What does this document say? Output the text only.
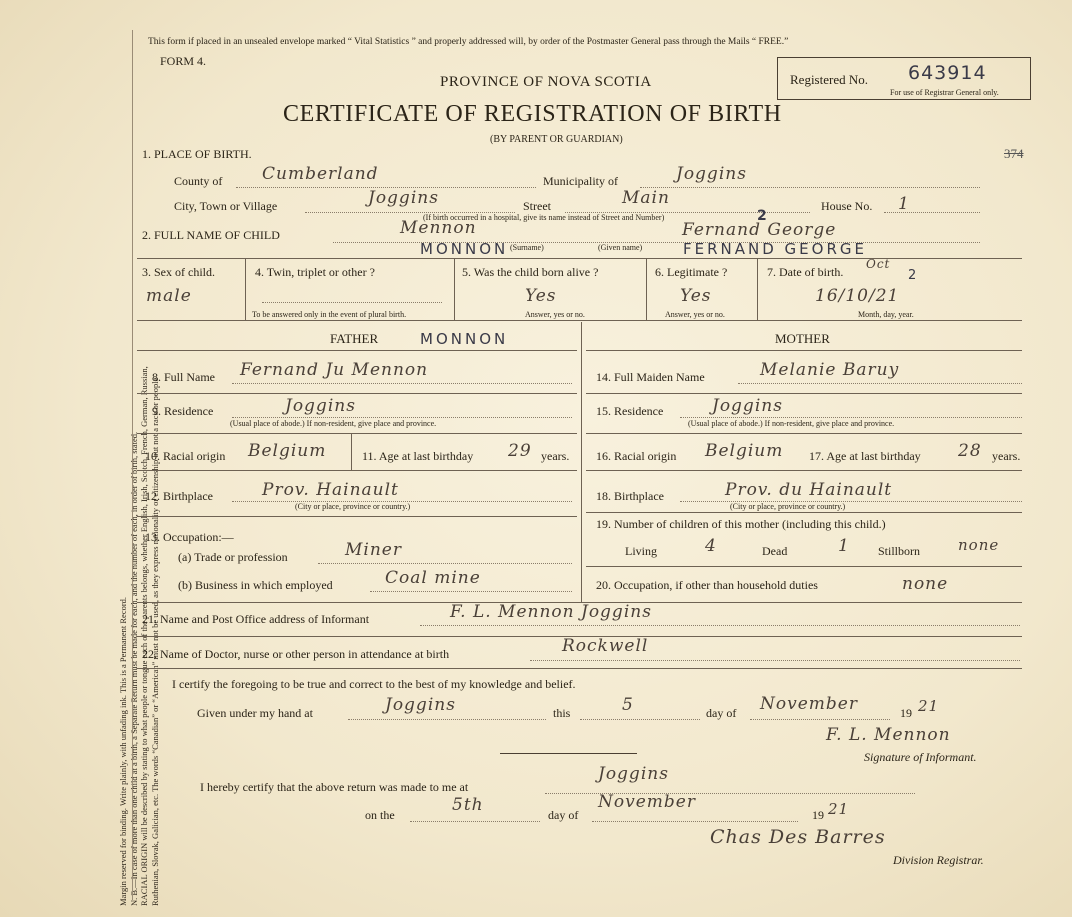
Margin reserved for binding. Write plainly, with unfading ink. This is a Permanent Record. N. B.—In case of more than one child at a birth, a Separate Return must be made for each, and the number of each, in order of birth, stated. RACIAL ORIGIN will be described by stating to what people or tongue each of the parents belongs, whether English, Irish, Scotch, French, German, Russian, Ruthenian, Slovak, Galician, etc. The words “Canadian” or “American” must not be used, as they express nationality or citizenship but not a race or people
This form if placed in an unsealed envelope marked “ Vital Statistics ” and properly addressed will, by order of the Postmaster General pass through the Mails “ FREE.”
FORM 4.
PROVINCE OF NOVA SCOTIA
CERTIFICATE OF REGISTRATION OF BIRTH
(BY PARENT OR GUARDIAN)
Registered No. 643914
For use of Registrar General only.
374
1. PLACE OF BIRTH.
County of Cumberland	Municipality of	Joggins
City, Town or Village	Joggins	Street	Main	House No. 1
(If birth occurred in a hospital, give its name instead of Street and Number)	2
2. FULL NAME OF CHILD	Mennon	Fernand George
MONNON (Surname)	(Given name)	FERNAND GEORGE
3. Sex of child.
male
4. Twin, triplet or other ?
To be answered only in the event of plural birth.
5. Was the child born alive ?
Yes
Answer, yes or no.
6. Legitimate ?
Yes
Answer, yes or no.
7. Date of birth.
Oct
2
16/10/21
Month, day, year.
FATHER	MONNON	MOTHER
8. Full Name Fernand Ju Mennon
9. Residence	Joggins
(Usual place of abode.) If non-resident, give place and province.
10. Racial origin Belgium	11. Age at last birthday 29 years.
12. Birthplace	Prov. Hainault
(City or place, province or country.)
13. Occupation:—
(a) Trade or profession	Miner
(b) Business in which employed	Coal mine
14. Full Maiden Name	Melanie Baruy
15. Residence	Joggins
(Usual place of abode.) If non-resident, give place and province.
16. Racial origin Belgium 17. Age at last birthday 28 years.
18. Birthplace	Prov. du Hainault
(City or place, province or country.)
19. Number of children of this mother (including this child.)
Living	4	Dead	1 Stillborn	none
20. Occupation, if other than household duties	none
21. Name and Post Office address of Informant	F. L. Mennon Joggins
22. Name of Doctor, nurse or other person in attendance at birth	Rockwell
I certify the foregoing to be true and correct to the best of my knowledge and belief.
Given under my hand at	Joggins	this	5	day of November	19 21
F. L. Mennon
Signature of Informant.
I hereby certify that the above return was made to me at
Joggins
on the	5th	day of
November
19 21
Chas Des Barres
Division Registrar.
